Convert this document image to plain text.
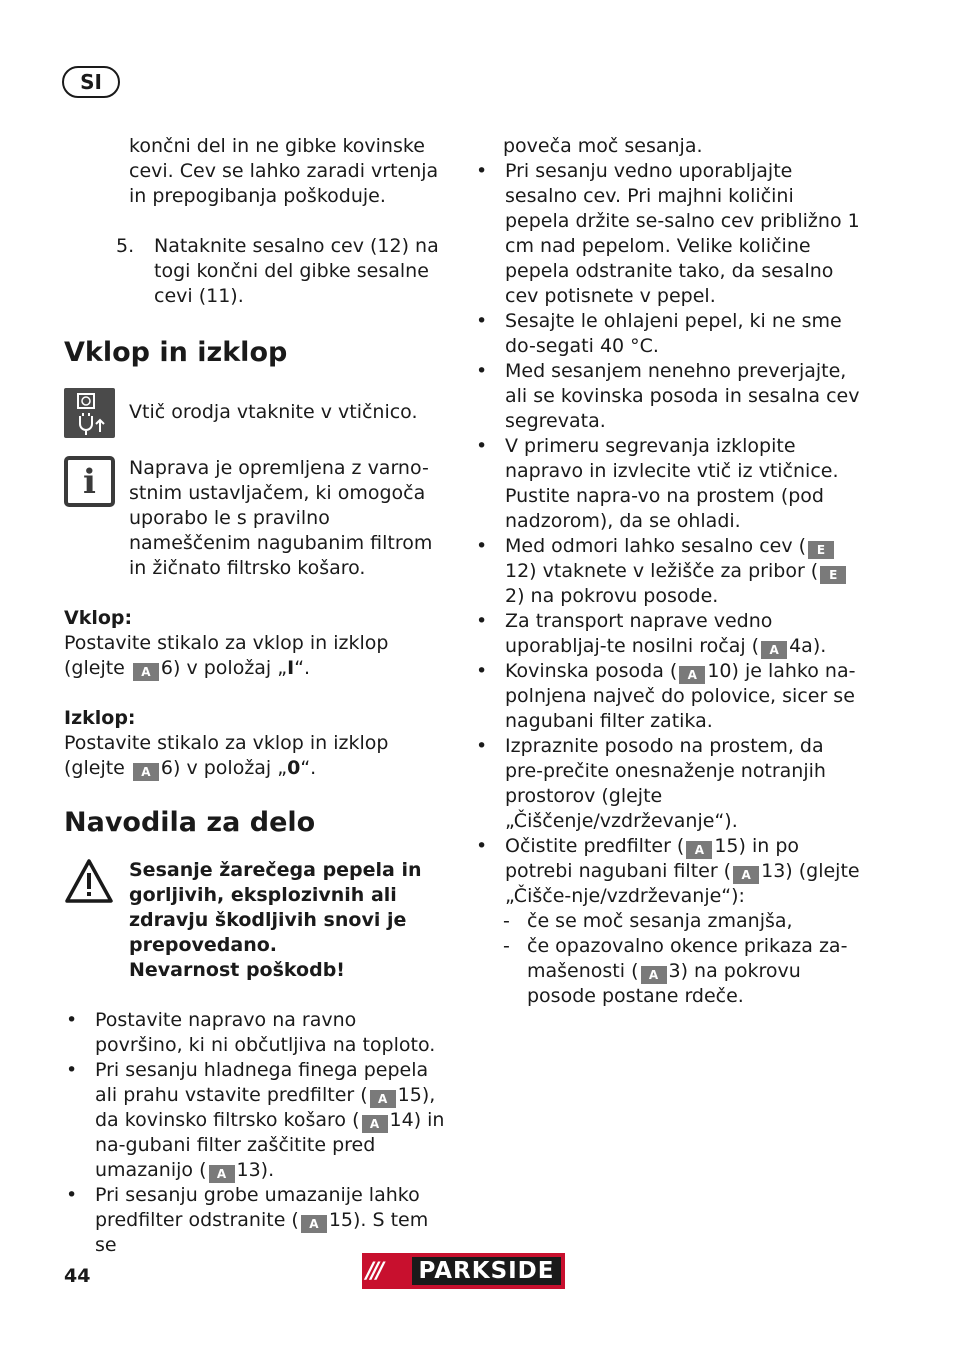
SI

končni del in ne gibke kovinske cevi. Cev se lahko zaradi vrtenja in prepogibanja poškoduje.

5.	Nataknite sesalno cev (12) na togi končni del gibke sesalne cevi (11).
Vklop in izklop

Vtič orodja vtaknite v vtičnico.

i	Naprava je opremljena z varno-stnim ustavljačem, ki omogoča uporabo le s pravilno nameščenim nagubanim filtrom in žičnato filtrsko košaro.

Vklop:

Postavite stikalo za vklop in izklop (glejte A 6) v položaj „I“.

Izklop:

Postavite stikalo za vklop in izklop (glejte A 6) v položaj „0“.

Navodila za delo

Sesanje žarečega pepela in gorljivih, eksplozivnih ali zdravju škodljivih snovi je prepovedano.

Nevarnost poškodb!

• Postavite napravo na ravno površino, ki ni občutljiva na toploto.
• Pri sesanju hladnega finega pepela ali prahu vstavite predfilter ( A 15), da kovinsko filtrsko košaro ( A 14) in na-gubani filter zaščitite pred umazanijo ( A 13).
• Pri sesanju grobe umazanije lahko predfilter odstranite ( A 15). S tem se

poveča moč sesanja.

• Pri sesanju vedno uporabljajte sesalno cev. Pri majhni količini pepela držite se-salno cev približno 1 cm nad pepelom. Velike količine pepela odstranite tako, da sesalno cev potisnete v pepel.
• Sesajte le ohlajeni pepel, ki ne sme do-segati 40 °C.
• Med sesanjem nenehno preverjajte, ali se kovinska posoda in sesalna cev segrevata.
• V primeru segrevanja izklopite napravo in izvlecite vtič iz vtičnice. Pustite napra-vo na prostem (pod nadzorom), da se ohladi.
• Med odmori lahko sesalno cev ( E12) vtaknete v ležišče za pribor ( E2) na pokrovu posode.
• Za transport naprave vedno uporabljaj-te nosilni ročaj ( A 4a).
• Kovinska posoda ( A 10) je lahko na-polnjena največ do polovice, sicer se nagubani filter zatika.
• Izpraznite posodo na prostem, da pre-prečite onesnaženje notranjih prostorov (glejte „Čiščenje/vzdrževanje“).
• Očistite predfilter ( A 15) in po potrebi nagubani filter ( A 13) (glejte „Čišče-nje/vzdrževanje“):
- če se moč sesanja zmanjša,
- če opazovalno okence prikaza za-mašenosti ( A 3) na pokrovu posode postane rdeče.
44	///	PARKSIDE
